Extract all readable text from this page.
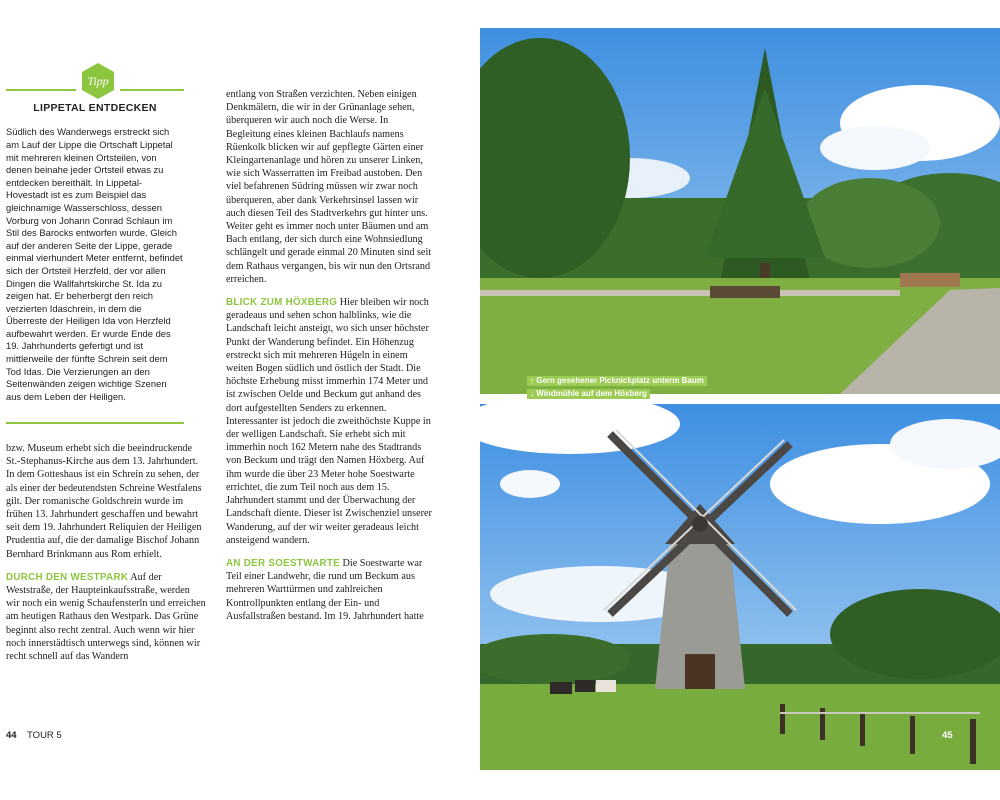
Tipp
LIPPETAL ENTDECKEN

Südlich des Wanderwegs erstreckt sich am Lauf der Lippe die Ortschaft Lippetal mit mehreren kleinen Ortsteilen, von denen beinahe jeder Ortsteil etwas zu entdecken bereithält. In Lippetal-Hovestadt ist es zum Beispiel das gleichnamige Wasserschloss, dessen Vorburg von Johann Conrad Schlaun im Stil des Barocks entworfen wurde. Gleich auf der anderen Seite der Lippe, gerade einmal vierhundert Meter entfernt, befindet sich der Ortsteil Herzfeld, der vor allen Dingen die Wallfahrtskirche St. Ida zu zeigen hat. Er beherbergt den reich verzierten Idaschrein, in dem die Überreste der Heiligen Ida von Herzfeld aufbewahrt werden. Er wurde Ende des 19. Jahrhunderts gefertigt und ist mittlerweile der fünfte Schrein seit dem Tod Idas. Die Verzierungen an den Seitenwänden zeigen wichtige Szenen aus dem Leben der Heiligen.

bzw. Museum erhebt sich die beeindruckende St.-Stephanus-Kirche aus dem 13. Jahrhundert. In dem Gotteshaus ist ein Schrein zu sehen, der als einer der bedeutendsten Schreine Westfalens gilt. Der romanische Goldschrein wurde im frühen 13. Jahrhundert geschaffen und bewahrt seit dem 19. Jahrhundert Reliquien der Heiligen Prudentia auf, die der damalige Bischof Johann Bernhard Brinkmann aus Rom erhielt.

DURCH DEN WESTPARK Auf der Weststraße, der Haupteinkaufsstraße, werden wir noch ein wenig Schaufensterln und erreichen am heutigen Rathaus den Westpark. Das Grüne beginnt also recht zentral. Auch wenn wir hier noch innerstädtisch unterwegs sind, können wir recht schnell auf das Wandern

entlang von Straßen verzichten. Neben einigen Denkmälern, die wir in der Grünanlage sehen, überqueren wir auch noch die Werse. In Begleitung eines kleinen Bachlaufs namens Rüenkolk blicken wir auf gepflegte Gärten einer Kleingartenanlage und hören zu unserer Linken, wie sich Wasserratten im Freibad austoben. Den viel befahrenen Südring müssen wir zwar noch überqueren, aber dank Verkehrsinsel lassen wir auch diesen Teil des Stadtverkehrs gut hinter uns. Weiter geht es immer noch unter Bäumen und am Bach entlang, der sich durch eine Wohnsiedlung schlängelt und gerade einmal 20 Minuten sind seit dem Rathaus vergangen, bis wir nun den Ortsrand erreichen.

BLICK ZUM HÖXBERG Hier bleiben wir noch geradeaus und sehen schon halblinks, wie die Landschaft leicht ansteigt, wo sich unser höchster Punkt der Wanderung befindet. Ein Höhenzug erstreckt sich mit mehreren Hügeln in einem weiten Bogen südlich und östlich der Stadt. Die höchste Erhebung misst immerhin 174 Meter und ist zwischen Oelde und Beckum gut anhand des dort aufgestellten Senders zu erkennen. Interessanter ist jedoch die zweithöchste Kuppe in der welligen Landschaft. Sie erhebt sich mit immerhin noch 162 Metern nahe des Stadtrands von Beckum und trägt den Namen Höxberg. Auf ihm wurde die über 23 Meter hohe Soestwarte errichtet, die zum Teil noch aus dem 15. Jahrhundert stammt und der Überwachung der Landschaft diente. Dieser ist Zwischenziel unserer Wanderung, auf der wir weiter geradeaus leicht ansteigend wandern.

AN DER SOESTWARTE Die Soestwarte war Teil einer Landwehr, die rund um Beckum aus mehreren Warttürmen und zahlreichen Kontrollpunkten entlang der Ein- und Ausfallstraßen bestand. Im 19. Jahrhundert hatte

44 TOUR 5
↑ Gern gesehener Picknickplatz unterm Baum
↓ Windmühle auf dem Höxberg
45
